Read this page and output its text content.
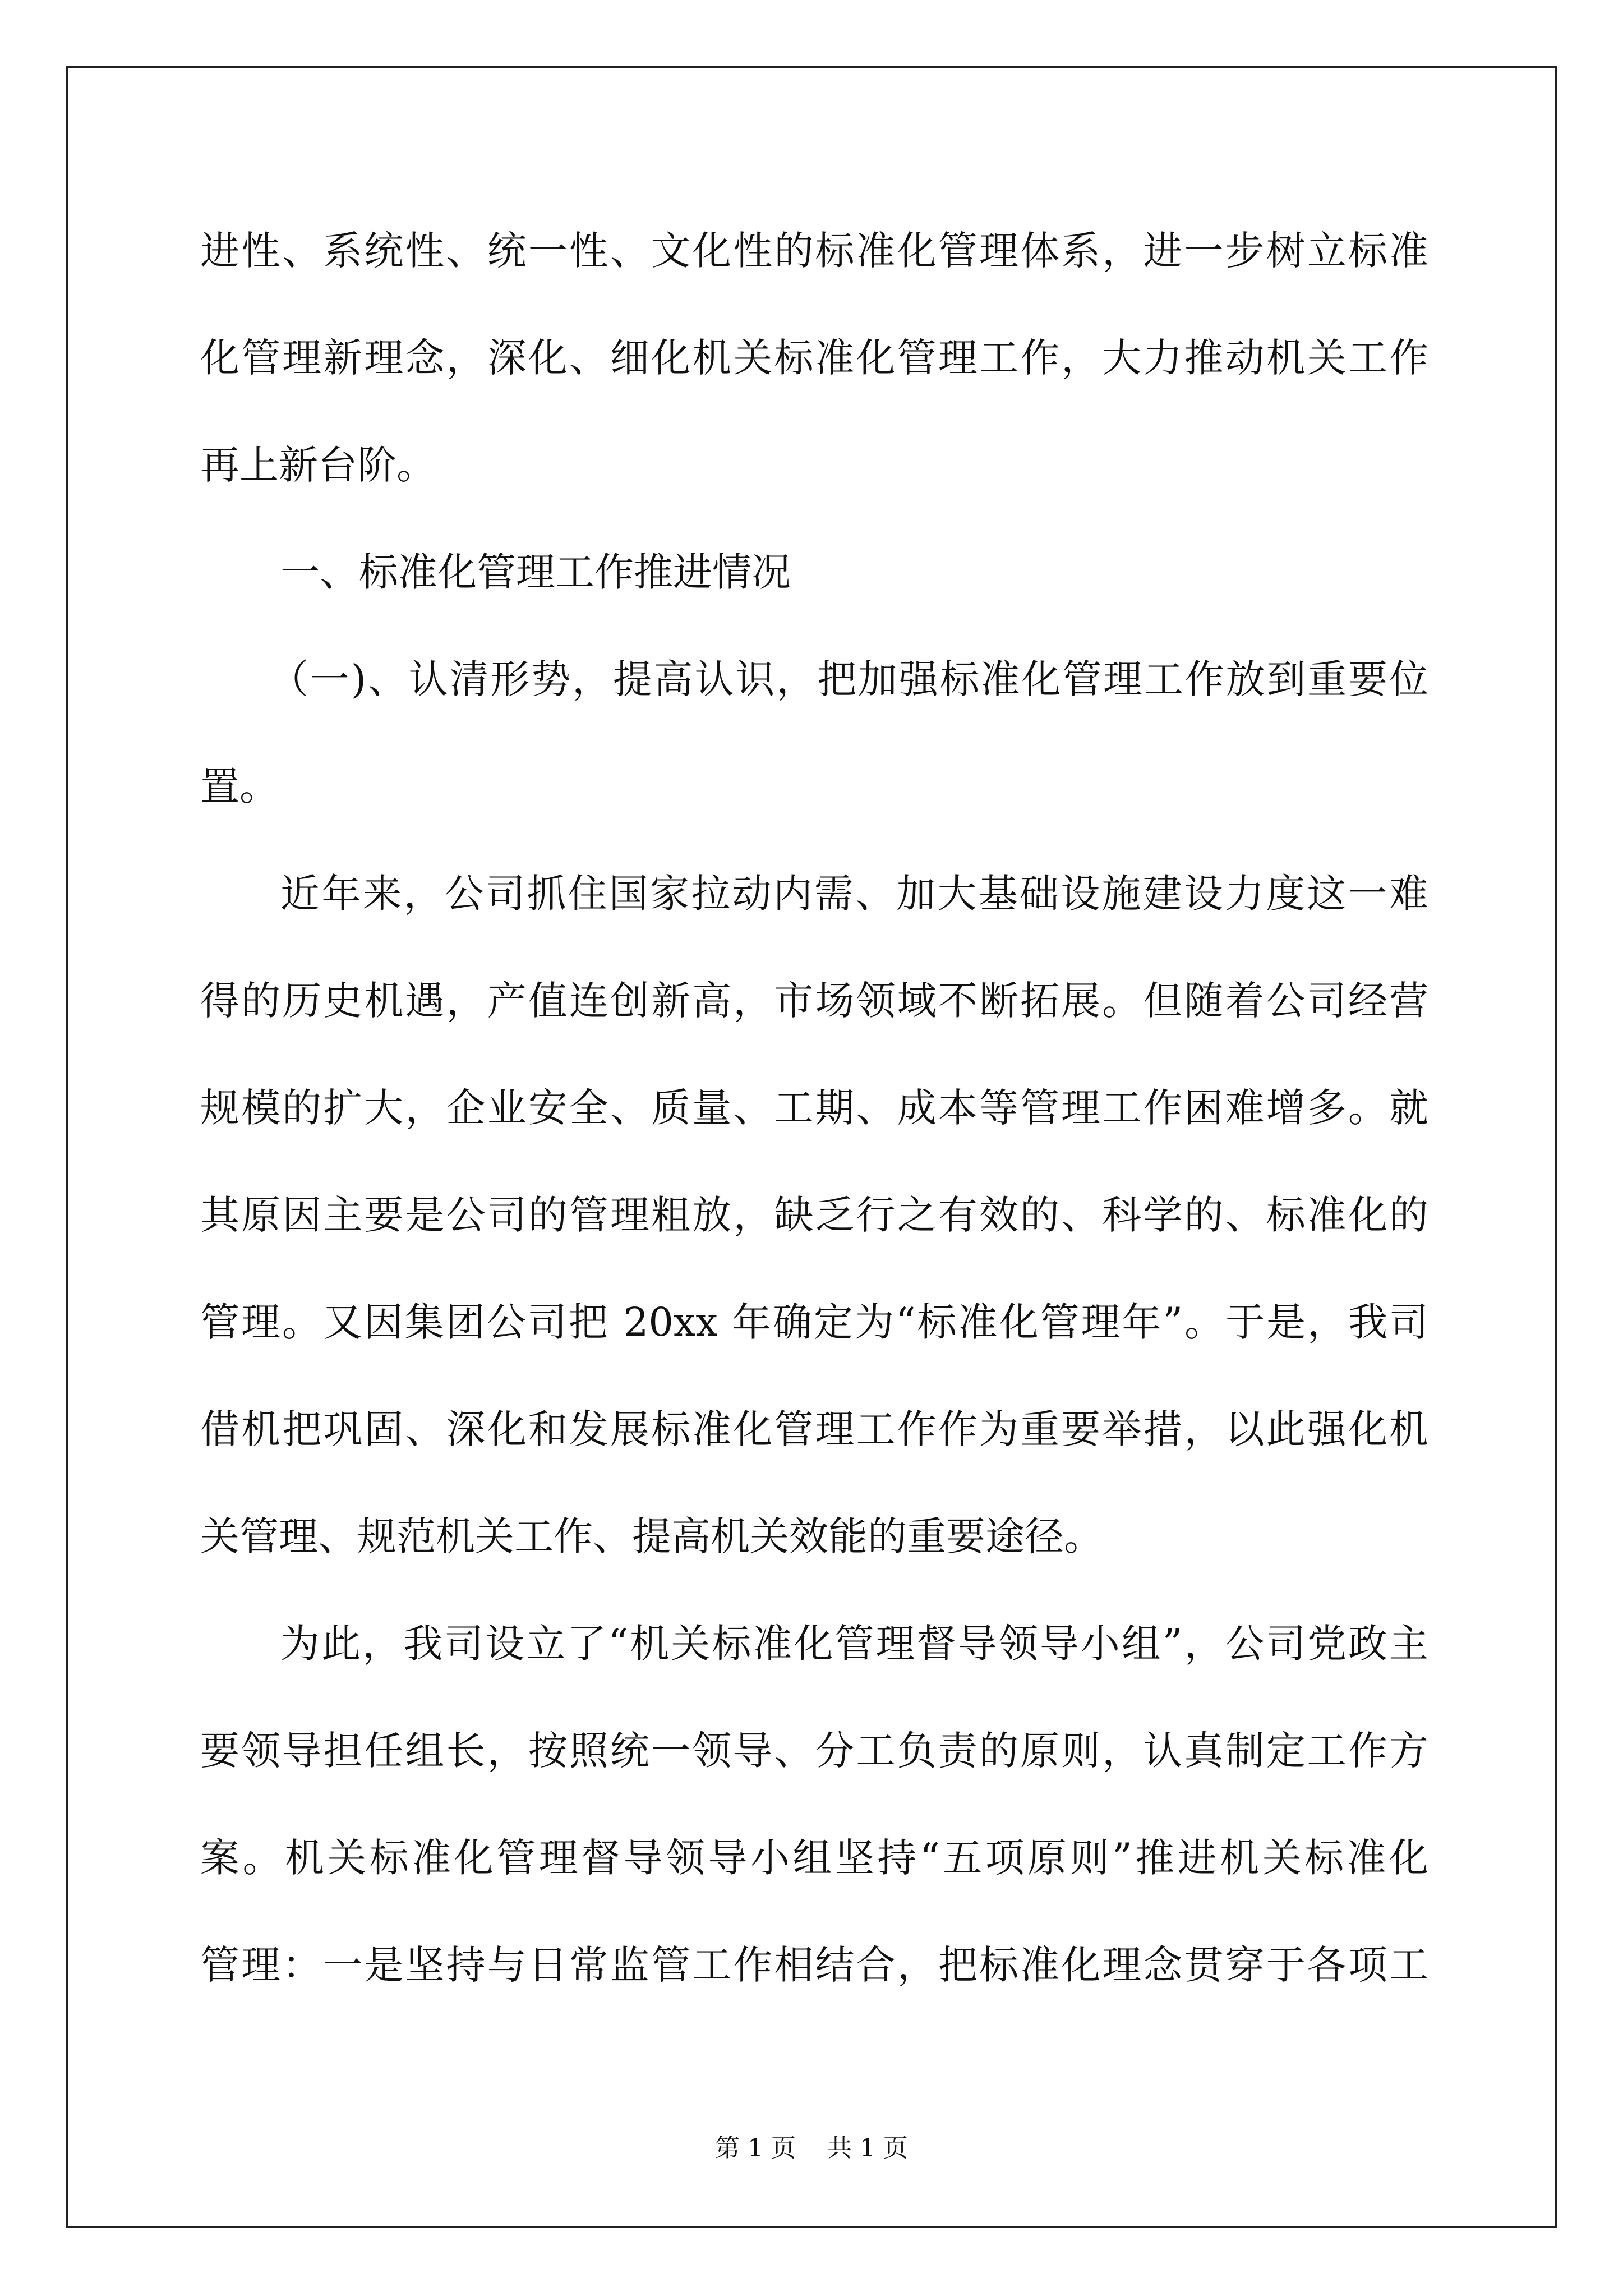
进性、系统性、统一性、文化性的标准化管理体系，进一步树立标准
化管理新理念，深化、细化机关标准化管理工作，大力推动机关工作
再上新台阶。
一、标准化管理工作推进情况
（一)、认清形势，提高认识，把加强标准化管理工作放到重要位
置。
近年来，公司抓住国家拉动内需、加大基础设施建设力度这一难
得的历史机遇，产值连创新高，市场领域不断拓展。但随着公司经营
规模的扩大，企业安全、质量、工期、成本等管理工作困难增多。就
其原因主要是公司的管理粗放，缺乏行之有效的、科学的、标准化的
管理。又因集团公司把 20xx 年确定为“标准化管理年”。于是，我司
借机把巩固、深化和发展标准化管理工作作为重要举措，以此强化机
关管理、规范机关工作、提高机关效能的重要途径。
为此，我司设立了“机关标准化管理督导领导小组”，公司党政主
要领导担任组长，按照统一领导、分工负责的原则，认真制定工作方
案。机关标准化管理督导领导小组坚持“五项原则”推进机关标准化
管理：一是坚持与日常监管工作相结合，把标准化理念贯穿于各项工
第 1 页    共 1 页
